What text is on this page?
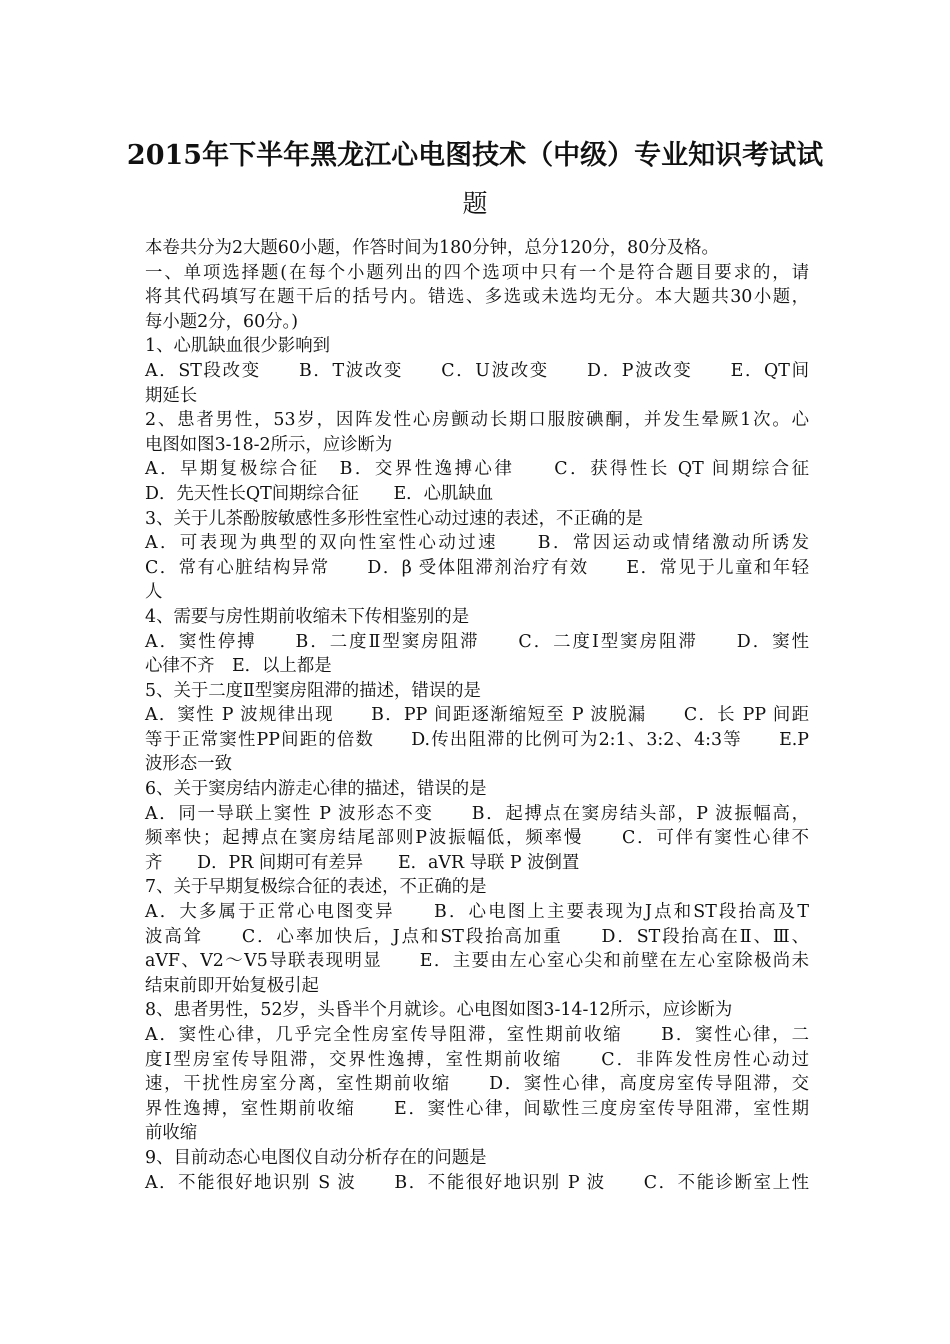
2015年下半年黑龙江心电图技术（中级）专业知识考试试
题
本卷共分为2大题60小题，作答时间为180分钟，总分120分，80分及格。
一、单项选择题(在每个小题列出的四个选项中只有一个是符合题目要求的，请
将其代码填写在题干后的括号内。错选、多选或未选均无分。本大题共30小题，
每小题2分，60分。)
1、心肌缺血很少影响到
A．ST段改变　　B．T波改变　　C．U波改变　　D．P波改变　　E．QT间
期延长
2、患者男性，53岁，因阵发性心房颤动长期口服胺碘酮，并发生晕厥1次。心
电图如图3-18-2所示，应诊断为
A．早期复极综合征　B．交界性逸搏心律　　C．获得性长 QT 间期综合征
D．先天性长QT间期综合征　　E．心肌缺血
3、关于儿茶酚胺敏感性多形性室性心动过速的表述，不正确的是
A．可表现为典型的双向性室性心动过速　　B．常因运动或情绪激动所诱发
C．常有心脏结构异常　　D．β 受体阻滞剂治疗有效　　E．常见于儿童和年轻
人
4、需要与房性期前收缩未下传相鉴别的是
A．窦性停搏　　B．二度Ⅱ型窦房阻滞　　C．二度Ⅰ型窦房阻滞　　D．窦性
心律不齐　E．以上都是
5、关于二度Ⅱ型窦房阻滞的描述，错误的是
A．窦性 P 波规律出现　　B．PP 间距逐渐缩短至 P 波脱漏　　C．长 PP 间距
等于正常窦性PP间距的倍数　　D.传出阻滞的比例可为2:1、3:2、4:3等　　E.P
波形态一致
6、关于窦房结内游走心律的描述，错误的是
A．同一导联上窦性 P 波形态不变　　B．起搏点在窦房结头部，P 波振幅高，
频率快；起搏点在窦房结尾部则P波振幅低，频率慢　　C．可伴有窦性心律不
齐　　D．PR 间期可有差异　　E．aVR 导联 P 波倒置
7、关于早期复极综合征的表述，不正确的是
A．大多属于正常心电图变异　　B．心电图上主要表现为J点和ST段抬高及T
波高耸　　C．心率加快后，J点和ST段抬高加重　　D．ST段抬高在Ⅱ、Ⅲ、
aVF、V2～V5导联表现明显　　E．主要由左心室心尖和前壁在左心室除极尚未
结束前即开始复极引起
8、患者男性，52岁，头昏半个月就诊。心电图如图3-14-12所示，应诊断为
A．窦性心律，几乎完全性房室传导阻滞，室性期前收缩　　B．窦性心律，二
度Ⅰ型房室传导阻滞，交界性逸搏，室性期前收缩　　C．非阵发性房性心动过
速，干扰性房室分离，室性期前收缩　　D．窦性心律，高度房室传导阻滞，交
界性逸搏，室性期前收缩　　E．窦性心律，间歇性三度房室传导阻滞，室性期
前收缩
9、目前动态心电图仪自动分析存在的问题是
A．不能很好地识别 S 波　　B．不能很好地识别 P 波　　C．不能诊断室上性
